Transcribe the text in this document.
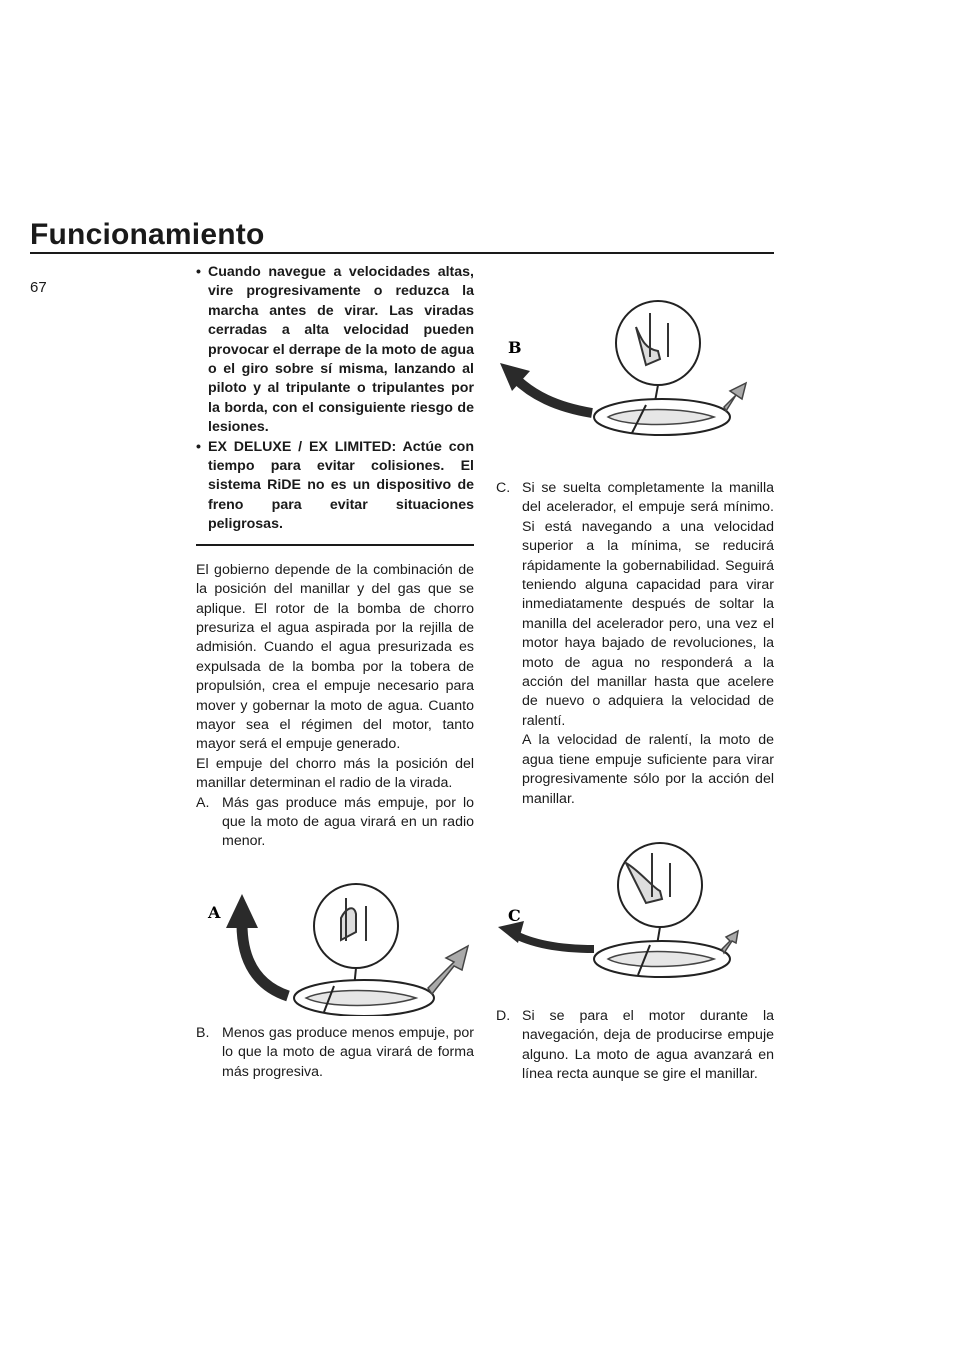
Funcionamiento
67
• Cuando navegue a velocidades altas, vire progresivamente o reduzca la marcha antes de virar. Las viradas cerradas a alta velocidad pueden provocar el derrape de la moto de agua o el giro sobre sí misma, lanzando al piloto y al tripulante o tripulantes por la borda, con el consiguiente riesgo de lesiones.
• EX DELUXE / EX LIMITED: Actúe con tiempo para evitar colisiones. El sistema RiDE no es un dispositivo de freno para evitar situaciones peligrosas.

El gobierno depende de la combinación de la posición del manillar y del gas que se aplique. El rotor de la bomba de chorro presuriza el agua aspirada por la rejilla de admisión. Cuando el agua presurizada es expulsada de la bomba por la tobera de propulsión, crea el empuje necesario para mover y gobernar la moto de agua. Cuanto mayor sea el régimen del motor, tanto mayor será el empuje generado.

El empuje del chorro más la posición del manillar determinan el radio de la virada.

A. Más gas produce más empuje, por lo que la moto de agua virará en un radio menor.

A
B. Menos gas produce menos empuje, por lo que la moto de agua virará de forma más progresiva.

B
C. Si se suelta completamente la manilla del acelerador, el empuje será mínimo. Si está navegando a una velocidad superior a la mínima, se reducirá rápidamente la gobernabilidad. Seguirá teniendo alguna capacidad para virar inmediatamente después de soltar la manilla del acelerador pero, una vez el motor haya bajado de revoluciones, la moto de agua no responderá a la acción del manillar hasta que acelere de nuevo o adquiera la velocidad de ralentí.

A la velocidad de ralentí, la moto de agua tiene empuje suficiente para virar progresivamente sólo por la acción del manillar.

C
D. Si se para el motor durante la navegación, deja de producirse empuje alguno. La moto de agua avanzará en línea recta aunque se gire el manillar.
